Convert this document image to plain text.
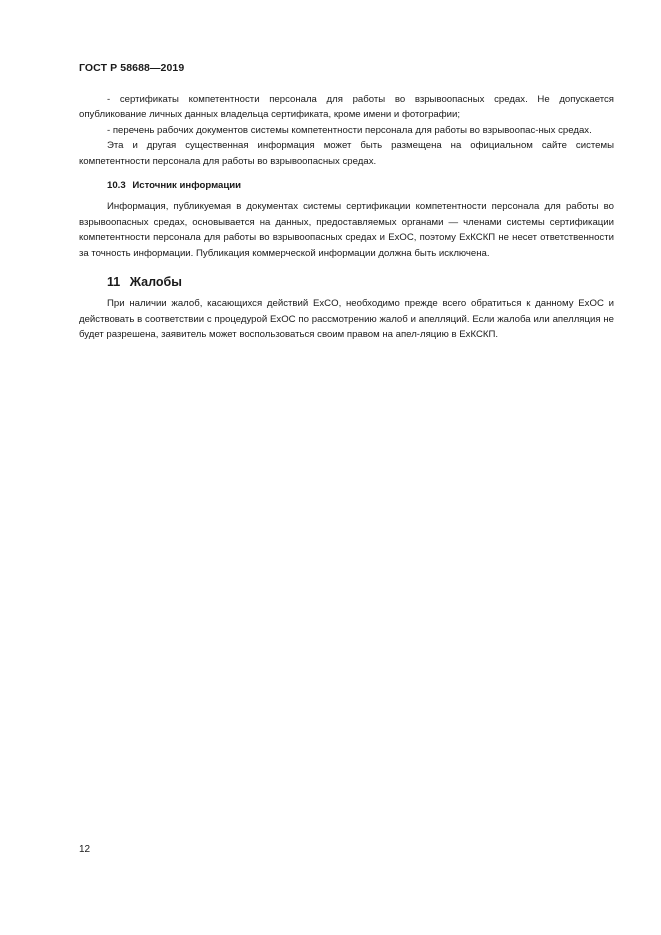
ГОСТ Р 58688—2019

- сертификаты компетентности персонала для работы во взрывоопасных средах. Не допускается опубликование личных данных владельца сертификата, кроме имени и фотографии;

- перечень рабочих документов системы компетентности персонала для работы во взрывоопас-ных средах.

Эта и другая существенная информация может быть размещена на официальном сайте системы компетентности персонала для работы во взрывоопасных средах.

10.3 Источник информации

Информация, публикуемая в документах системы сертификации компетентности персонала для работы во взрывоопасных средах, основывается на данных, предоставляемых органами — членами системы сертификации компетентности персонала для работы во взрывоопасных средах и ExOC, поэтому ExКСКП не несет ответственности за точность информации. Публикация коммерческой информации должна быть исключена.

11 Жалобы

При наличии жалоб, касающихся действий ExCO, необходимо прежде всего обратиться к данному ExOC и действовать в соответствии с процедурой ExOC по рассмотрению жалоб и апелляций. Если жалоба или апелляция не будет разрешена, заявитель может воспользоваться своим правом на апел-ляцию в ExКСКП.

12
